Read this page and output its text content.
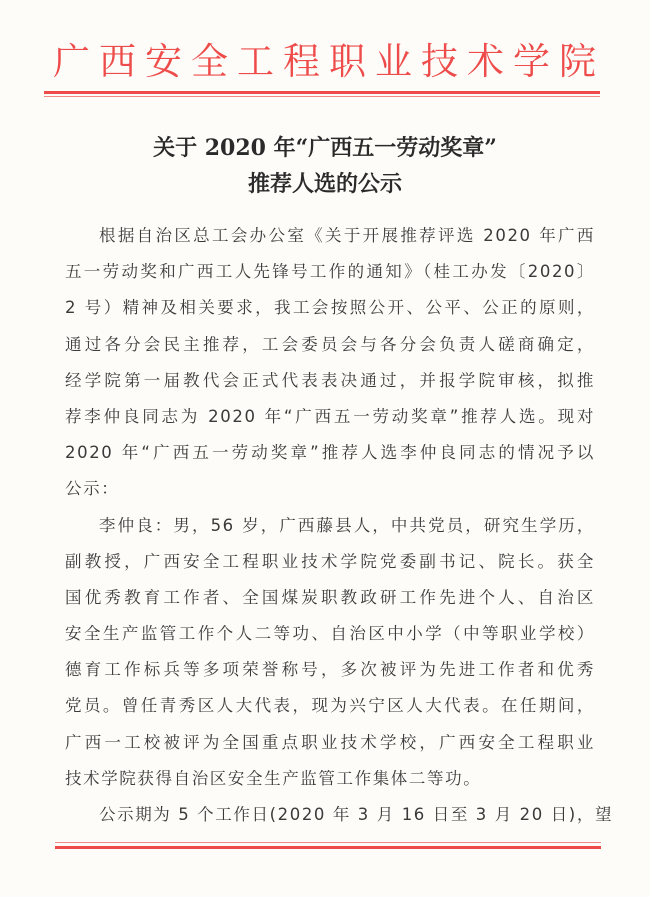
广西安全工程职业技术学院
关于 2020 年“广西五一劳动奖章”
推荐人选的公示

根据自治区总工会办公室《关于开展推荐评选 2020 年广西
五一劳动奖和广西工人先锋号工作的通知》（桂工办发〔2020〕
2 号）精神及相关要求，我工会按照公开、公平、公正的原则，
通过各分会民主推荐，工会委员会与各分会负责人磋商确定，
经学院第一届教代会正式代表表决通过，并报学院审核，拟推
荐李仲良同志为 2020 年“广西五一劳动奖章”推荐人选。现对
2020 年“广西五一劳动奖章”推荐人选李仲良同志的情况予以
公示：

李仲良：男，56 岁，广西藤县人，中共党员，研究生学历，
副教授，广西安全工程职业技术学院党委副书记、院长。获全
国优秀教育工作者、全国煤炭职教政研工作先进个人、自治区
安全生产监管工作个人二等功、自治区中小学（中等职业学校）
德育工作标兵等多项荣誉称号，多次被评为先进工作者和优秀
党员。曾任青秀区人大代表，现为兴宁区人大代表。在任期间，
广西一工校被评为全国重点职业技术学校，广西安全工程职业
技术学院获得自治区安全生产监管工作集体二等功。

公示期为 5 个工作日(2020 年 3 月 16 日至 3 月 20 日)，望
